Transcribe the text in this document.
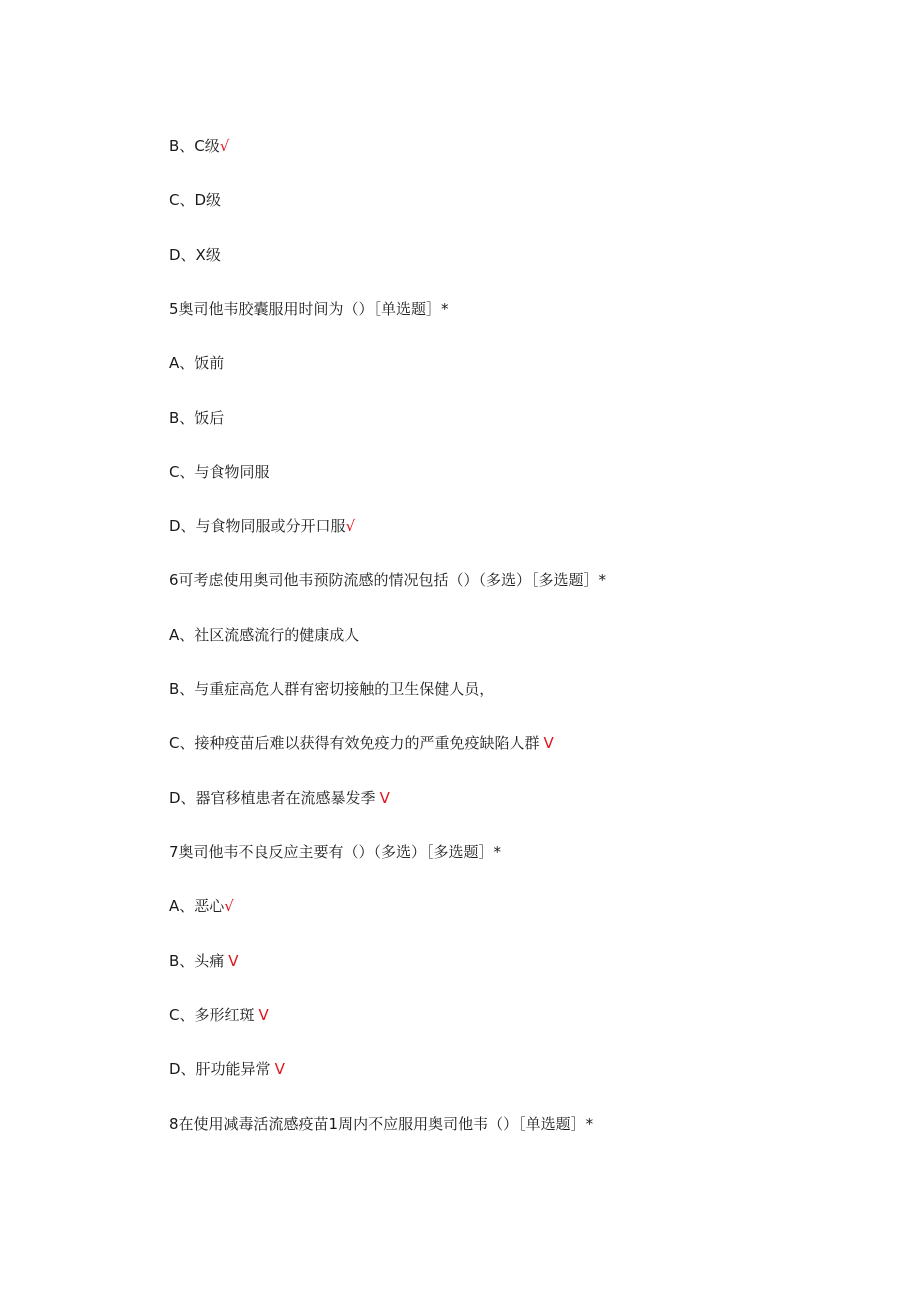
B、C级√
C、D级
D、X级
5奥司他韦胶囊服用时间为（）［单选题］*
A、饭前
B、饭后
C、与食物同服
D、与食物同服或分开口服√
6可考虑使用奥司他韦预防流感的情况包括（）（多选）［多选题］*
A、社区流感流行的健康成人
B、与重症高危人群有密切接触的卫生保健人员，
C、接种疫苗后难以获得有效免疫力的严重免疫缺陷人群 V
D、器官移植患者在流感暴发季 V
7奥司他韦不良反应主要有（）（多选）［多选题］*
A、恶心√
B、头痛 V
C、多形红斑 V
D、肝功能异常 V
8在使用减毒活流感疫苗1周内不应服用奥司他韦（）［单选题］*
